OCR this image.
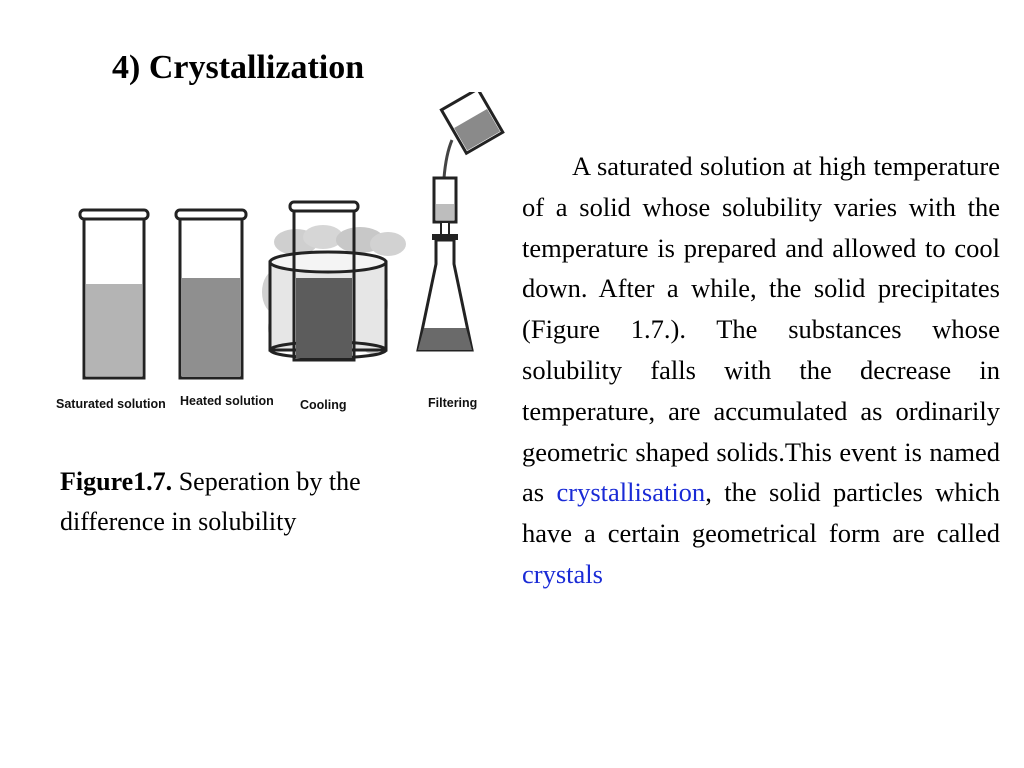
4) Crystallization
Saturated solution Heated solution Cooling	Filtering
Figure1.7. Seperation by the difference in solubility
A saturated solution at high temperature of a solid whose solubility varies with the temperature is prepared and allowed to cool down. After a while, the solid precipitates (Figure 1.7.). The substances whose solubility falls with the decrease in temperature, are accumulated as ordinarily geometric shaped solids.This event is named as crystallisation, the solid particles which have a certain geometrical form are called crystals
